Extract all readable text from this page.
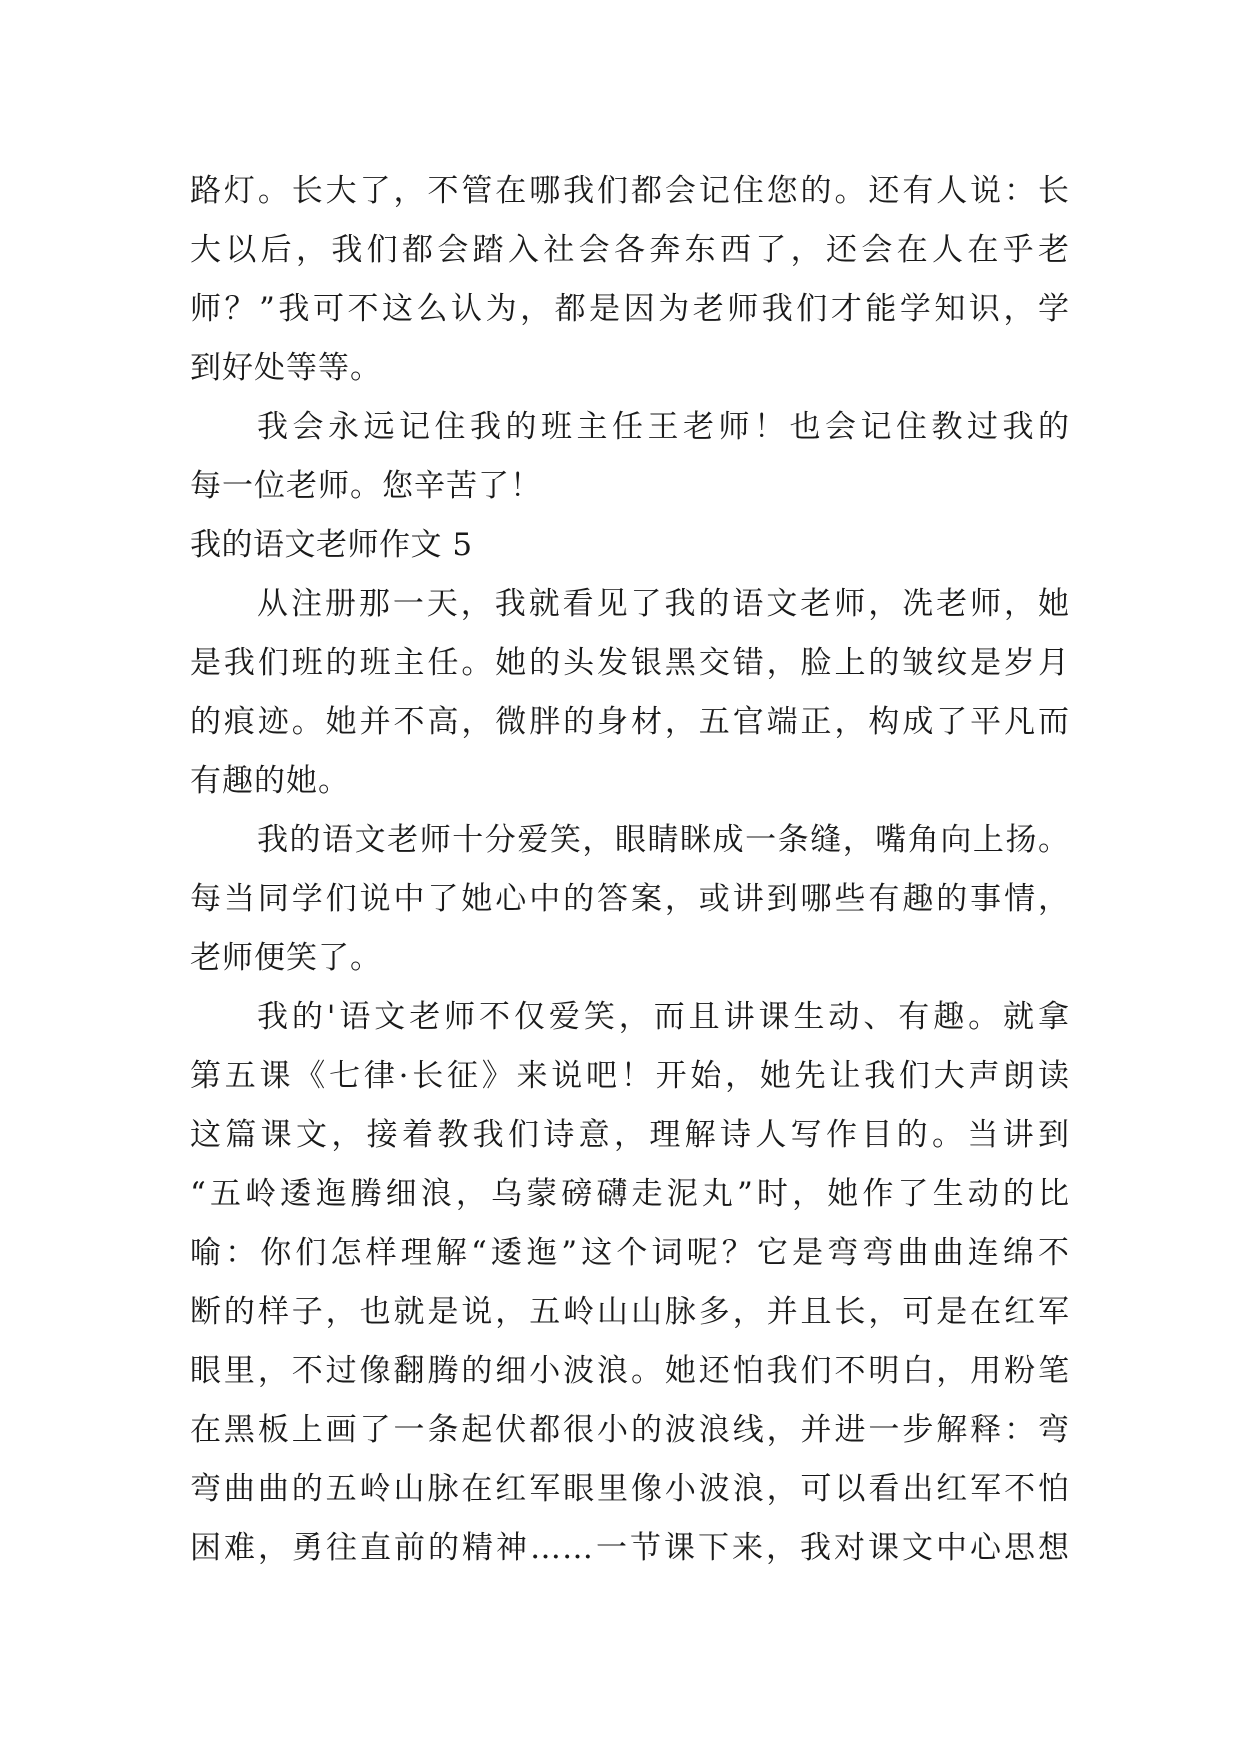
路灯。长大了，不管在哪我们都会记住您的。还有人说：长
大以后，我们都会踏入社会各奔东西了，还会在人在乎老
师？”我可不这么认为，都是因为老师我们才能学知识，学
到好处等等。
我会永远记住我的班主任王老师！也会记住教过我的
每一位老师。您辛苦了！
我的语文老师作文 5
从注册那一天，我就看见了我的语文老师，冼老师，她
是我们班的班主任。她的头发银黑交错，脸上的皱纹是岁月
的痕迹。她并不高，微胖的身材，五官端正，构成了平凡而
有趣的她。
我的语文老师十分爱笑，眼睛眯成一条缝，嘴角向上扬。
每当同学们说中了她心中的答案，或讲到哪些有趣的事情，
老师便笑了。
我的'语文老师不仅爱笑，而且讲课生动、有趣。就拿
第五课《七律·长征》来说吧！开始，她先让我们大声朗读
这篇课文，接着教我们诗意，理解诗人写作目的。当讲到
“五岭逶迤腾细浪，乌蒙磅礴走泥丸”时，她作了生动的比
喻：你们怎样理解“逶迤”这个词呢？它是弯弯曲曲连绵不
断的样子，也就是说，五岭山山脉多，并且长，可是在红军
眼里，不过像翻腾的细小波浪。她还怕我们不明白，用粉笔
在黑板上画了一条起伏都很小的波浪线，并进一步解释：弯
弯曲曲的五岭山脉在红军眼里像小波浪，可以看出红军不怕
困难，勇往直前的精神……一节课下来，我对课文中心思想
